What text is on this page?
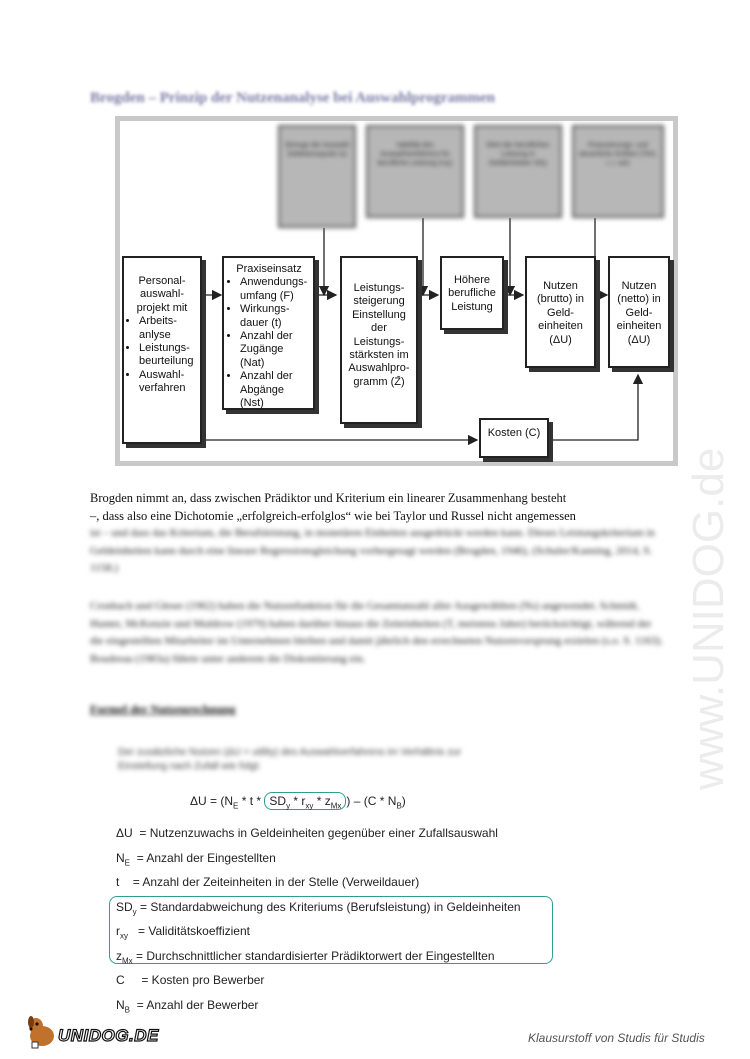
Brogden – Prinzip der Nutzenanalyse bei Auswahlprogrammen
Strenge der Auswahl Selektionsquote (s)
Validität des Auswahlverfahrens für berufliche Leistung (rxy)
Wert der beruflichen Leistung in Geldeinheiten SDy
Finanzierungs- und steuerliche Größen (TAX, i, I, var)
Personal-auswahl-projekt mit
• Arbeits-anlyse
• Leistungs-beurteilung
• Auswahl-verfahren
Praxiseinsatz
• Anwendungs-umfang (F)
• Wirkungs-dauer (t)
• Anzahl der Zugänge (Nat)
• Anzahl der Abgänge (Nst)
Leistungs-steigerung Einstellung der Leistungs-stärksten im Auswahlpro-gramm (Z̄)
Höhere berufliche Leistung
Nutzen (brutto) in Geld-einheiten (ΔU)
Nutzen (netto) in Geld-einheiten (ΔU)
Kosten (C)
Brogden nimmt an, dass zwischen Prädiktor und Kriterium ein linearer Zusammenhang besteht
–, dass also eine Dichotomie „erfolgreich-erfolglos“ wie bei Taylor und Russel nicht angemessen
ist – und dass das Kriterium, die Berufsleistung, in monetären Einheiten ausgedrückt werden kann. Dieses Leistungskriterium in Geldeinheiten kann durch eine lineare Regressionsgleichung vorhergesagt werden (Brogden, 1946), (Schuler/Kanning, 2014, S. 1158.)
Cronbach und Gleser (1962) haben die Nutzenfunktion für die Gesamtanzahl aller Ausgewählten (Ns) angewendet. Schmidt, Hunter, McKenzie und Muldrow (1979) haben darüber hinaus die Zeiteinheiten (T, meistens Jahre) berücksichtigt, während der die eingestellten Mitarbeiter im Unternehmen bleiben und damit jährlich den errechneten Nutzenvorsprung erzielen (s.o. S. 1163). Boudreau (1983a) führte unter anderem die Diskontierung ein.
Formel der Nutzenrechnung
Der zusätzliche Nutzen (ΔU = utility) des Auswahlverfahrens im Verhältnis zur Einstellung nach Zufall wie folgt:
$\Delta U = (N_E * t * SD_y * r_{xy} * z_{Mx}$ ) – $(C * N_B)$
ΔU = Nutzenzuwachs in Geldeinheiten gegenüber einer Zufallsauswahl
$N_E$ = Anzahl der Eingestellten
t = Anzahl der Zeiteinheiten in der Stelle (Verweildauer)
$SD_y$ = Standardabweichung des Kriteriums (Berufsleistung) in Geldeinheiten
$r_{xy}$ = Validitätskoeffizient
$z_{Mx}$ = Durchschnittlicher standardisierter Prädiktorwert der Eingestellten
C = Kosten pro Bewerber
$N_B$ = Anzahl der Bewerber
www.UNIDOG.de
UNIDOG.DE	Klausurstoff von Studis für Studis
